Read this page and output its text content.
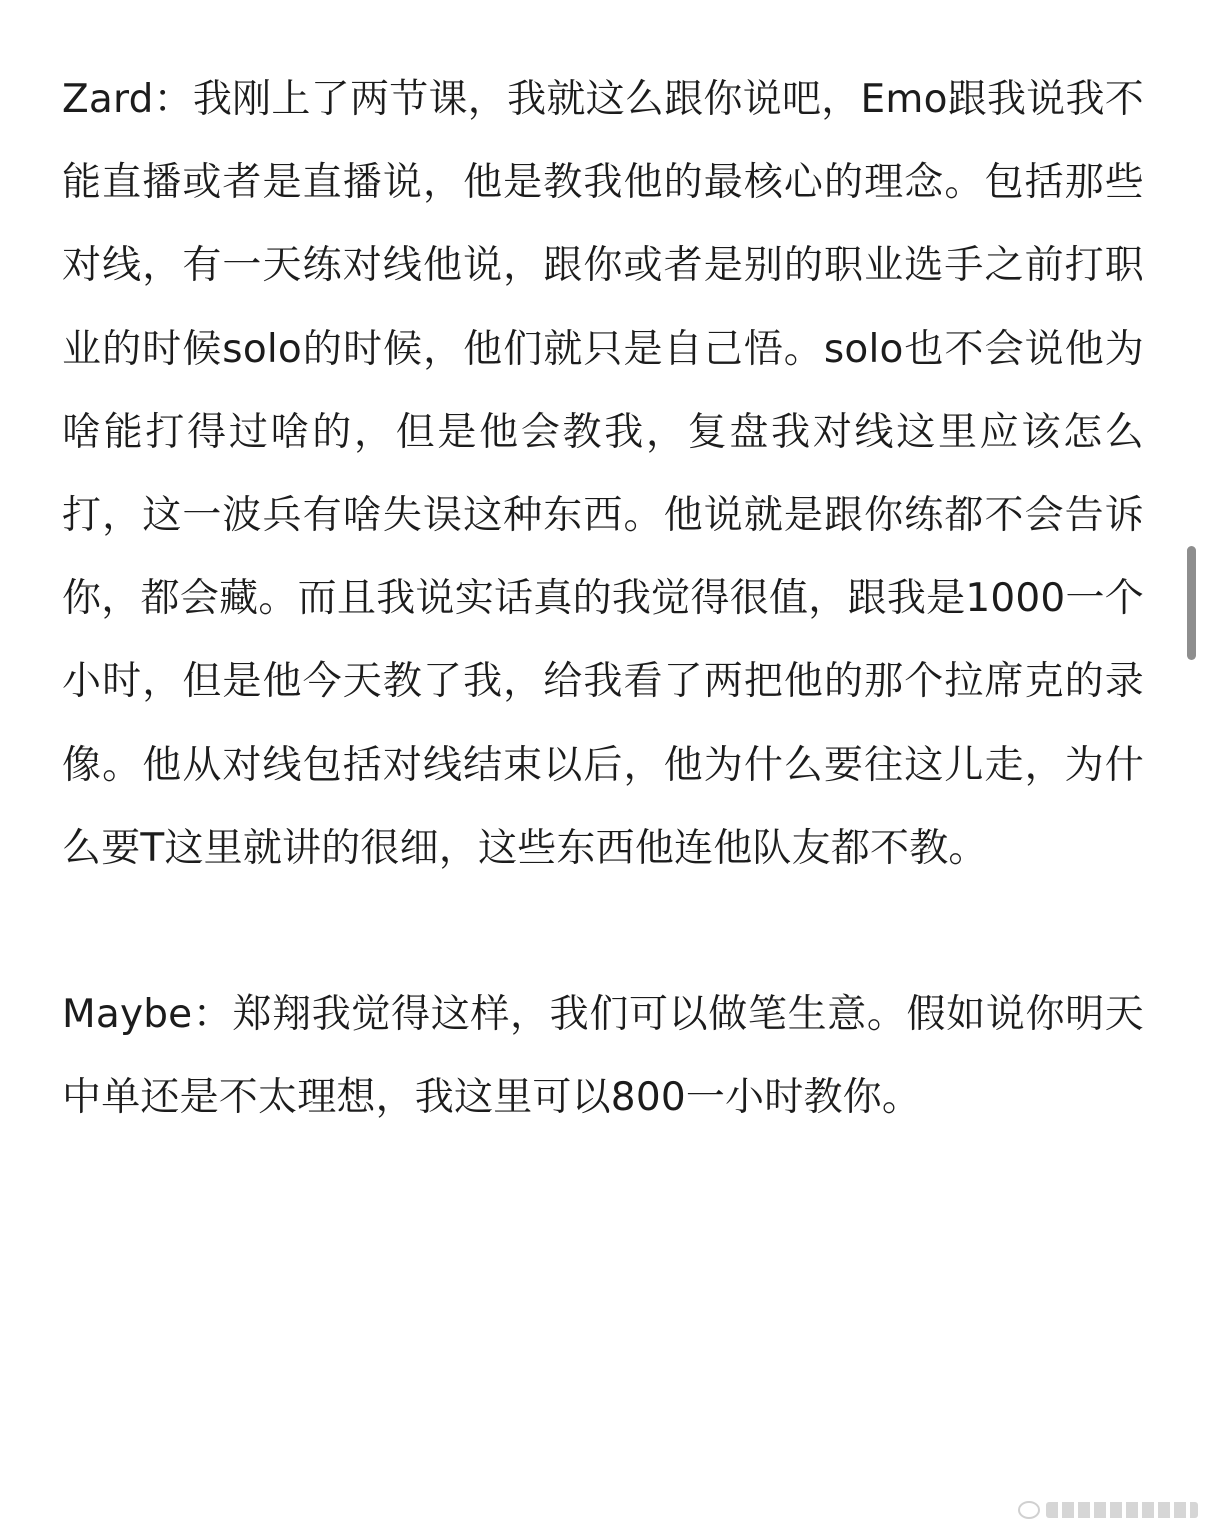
Zard：我刚上了两节课，我就这么跟你说吧，Emo跟我说我不能直播或者是直播说，他是教我他的最核心的理念。包括那些对线，有一天练对线他说，跟你或者是别的职业选手之前打职业的时候solo的时候，他们就只是自己悟。solo也不会说他为啥能打得过啥的，但是他会教我，复盘我对线这里应该怎么打，这一波兵有啥失误这种东西。他说就是跟你练都不会告诉你，都会藏。而且我说实话真的我觉得很值，跟我是1000一个小时，但是他今天教了我，给我看了两把他的那个拉席克的录像。他从对线包括对线结束以后，他为什么要往这儿走，为什么要T这里就讲的很细，这些东西他连他队友都不教。

Maybe：郑翔我觉得这样，我们可以做笔生意。假如说你明天中单还是不太理想，我这里可以800一小时教你。
